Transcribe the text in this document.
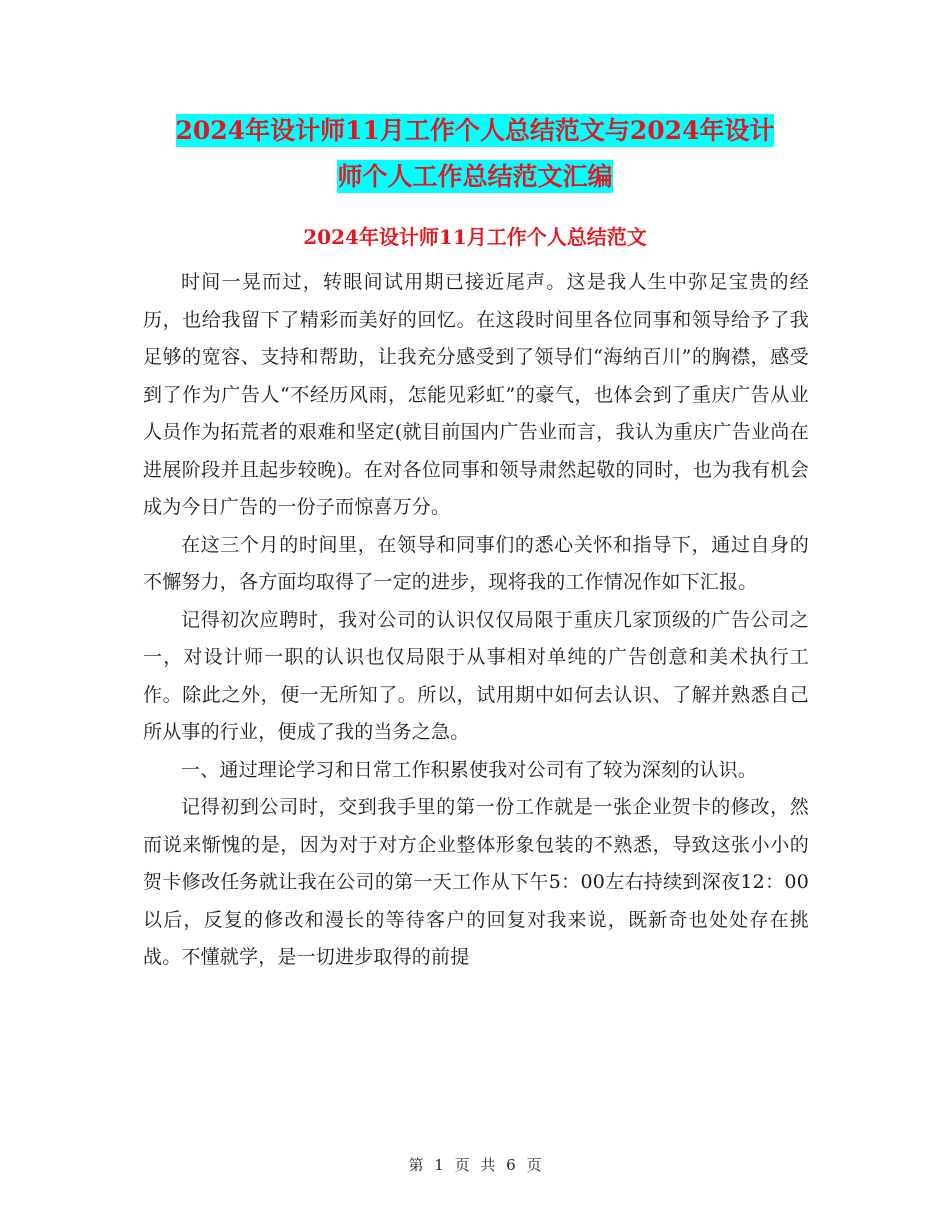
2024年设计师11月工作个人总结范文与2024年设计
师个人工作总结范文汇编
2024年设计师11月工作个人总结范文

时间一晃而过，转眼间试用期已接近尾声。这是我人生中弥足宝贵的经历，也给我留下了精彩而美好的回忆。在这段时间里各位同事和领导给予了我足够的宽容、支持和帮助，让我充分感受到了领导们“海纳百川”的胸襟，感受到了作为广告人“不经历风雨，怎能见彩虹”的豪气，也体会到了重庆广告从业人员作为拓荒者的艰难和坚定(就目前国内广告业而言，我认为重庆广告业尚在进展阶段并且起步较晚)。在对各位同事和领导肃然起敬的同时，也为我有机会成为今日广告的一份子而惊喜万分。

在这三个月的时间里，在领导和同事们的悉心关怀和指导下，通过自身的不懈努力，各方面均取得了一定的进步，现将我的工作情况作如下汇报。

记得初次应聘时，我对公司的认识仅仅局限于重庆几家顶级的广告公司之一，对设计师一职的认识也仅局限于从事相对单纯的广告创意和美术执行工作。除此之外，便一无所知了。所以，试用期中如何去认识、了解并熟悉自己所从事的行业，便成了我的当务之急。

一、通过理论学习和日常工作积累使我对公司有了较为深刻的认识。

记得初到公司时，交到我手里的第一份工作就是一张企业贺卡的修改，然而说来惭愧的是，因为对于对方企业整体形象包装的不熟悉，导致这张小小的贺卡修改任务就让我在公司的第一天工作从下午5：00左右持续到深夜12：00以后，反复的修改和漫长的等待客户的回复对我来说，既新奇也处处存在挑战。不懂就学，是一切进步取得的前提

第 1 页 共 6 页
